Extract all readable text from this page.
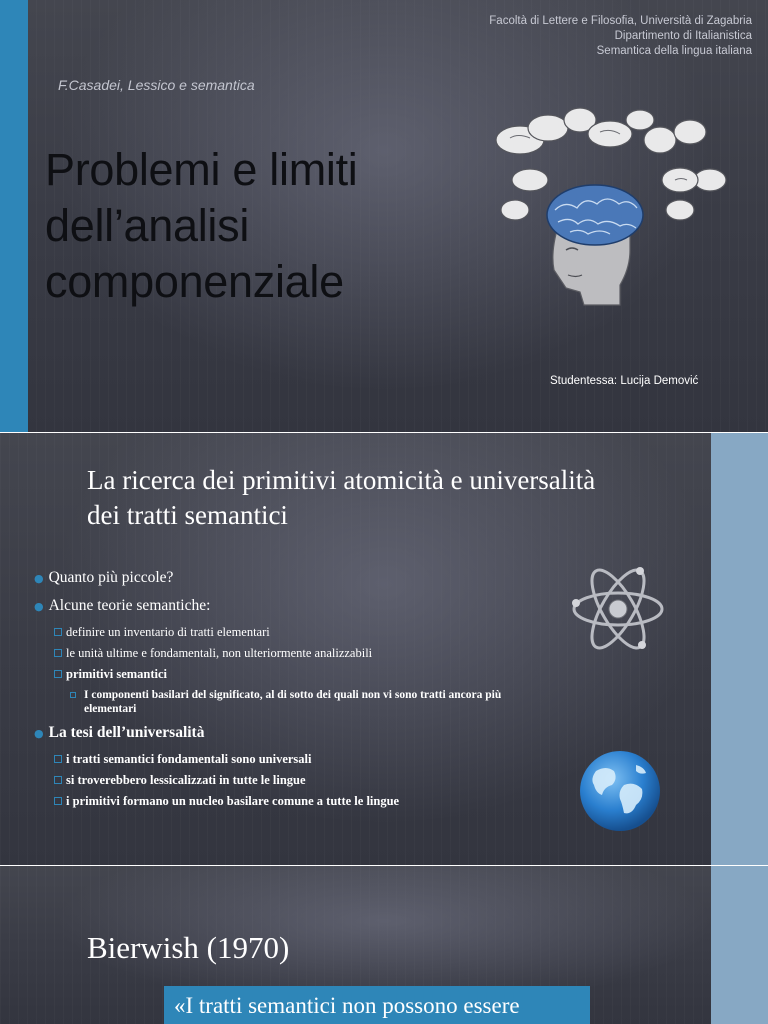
Facoltà di Lettere e Filosofia, Università di Zagabria
Dipartimento di Italianistica
Semantica della lingua italiana
F.Casadei, Lessico e semantica
Problemi e limiti
dell’analisi
componenziale
Studentessa: Lucija Demović
La ricerca dei primitivi atomicità e universalità dei tratti semantici
● Quanto più piccole?
● Alcune teorie semantiche:
definire un inventario di tratti elementari
le unità ultime e fondamentali, non ulteriormente analizzabili
primitivi semantici
I componenti basilari del significato, al di sotto dei quali non vi sono tratti ancora più elementari
● La tesi dell’universalità
i tratti semantici fondamentali sono universali
si troverebbero lessicalizzati in tutte le lingue
i primitivi formano un nucleo basilare comune a tutte le lingue
Bierwish (1970)
«I tratti semantici non possono essere
